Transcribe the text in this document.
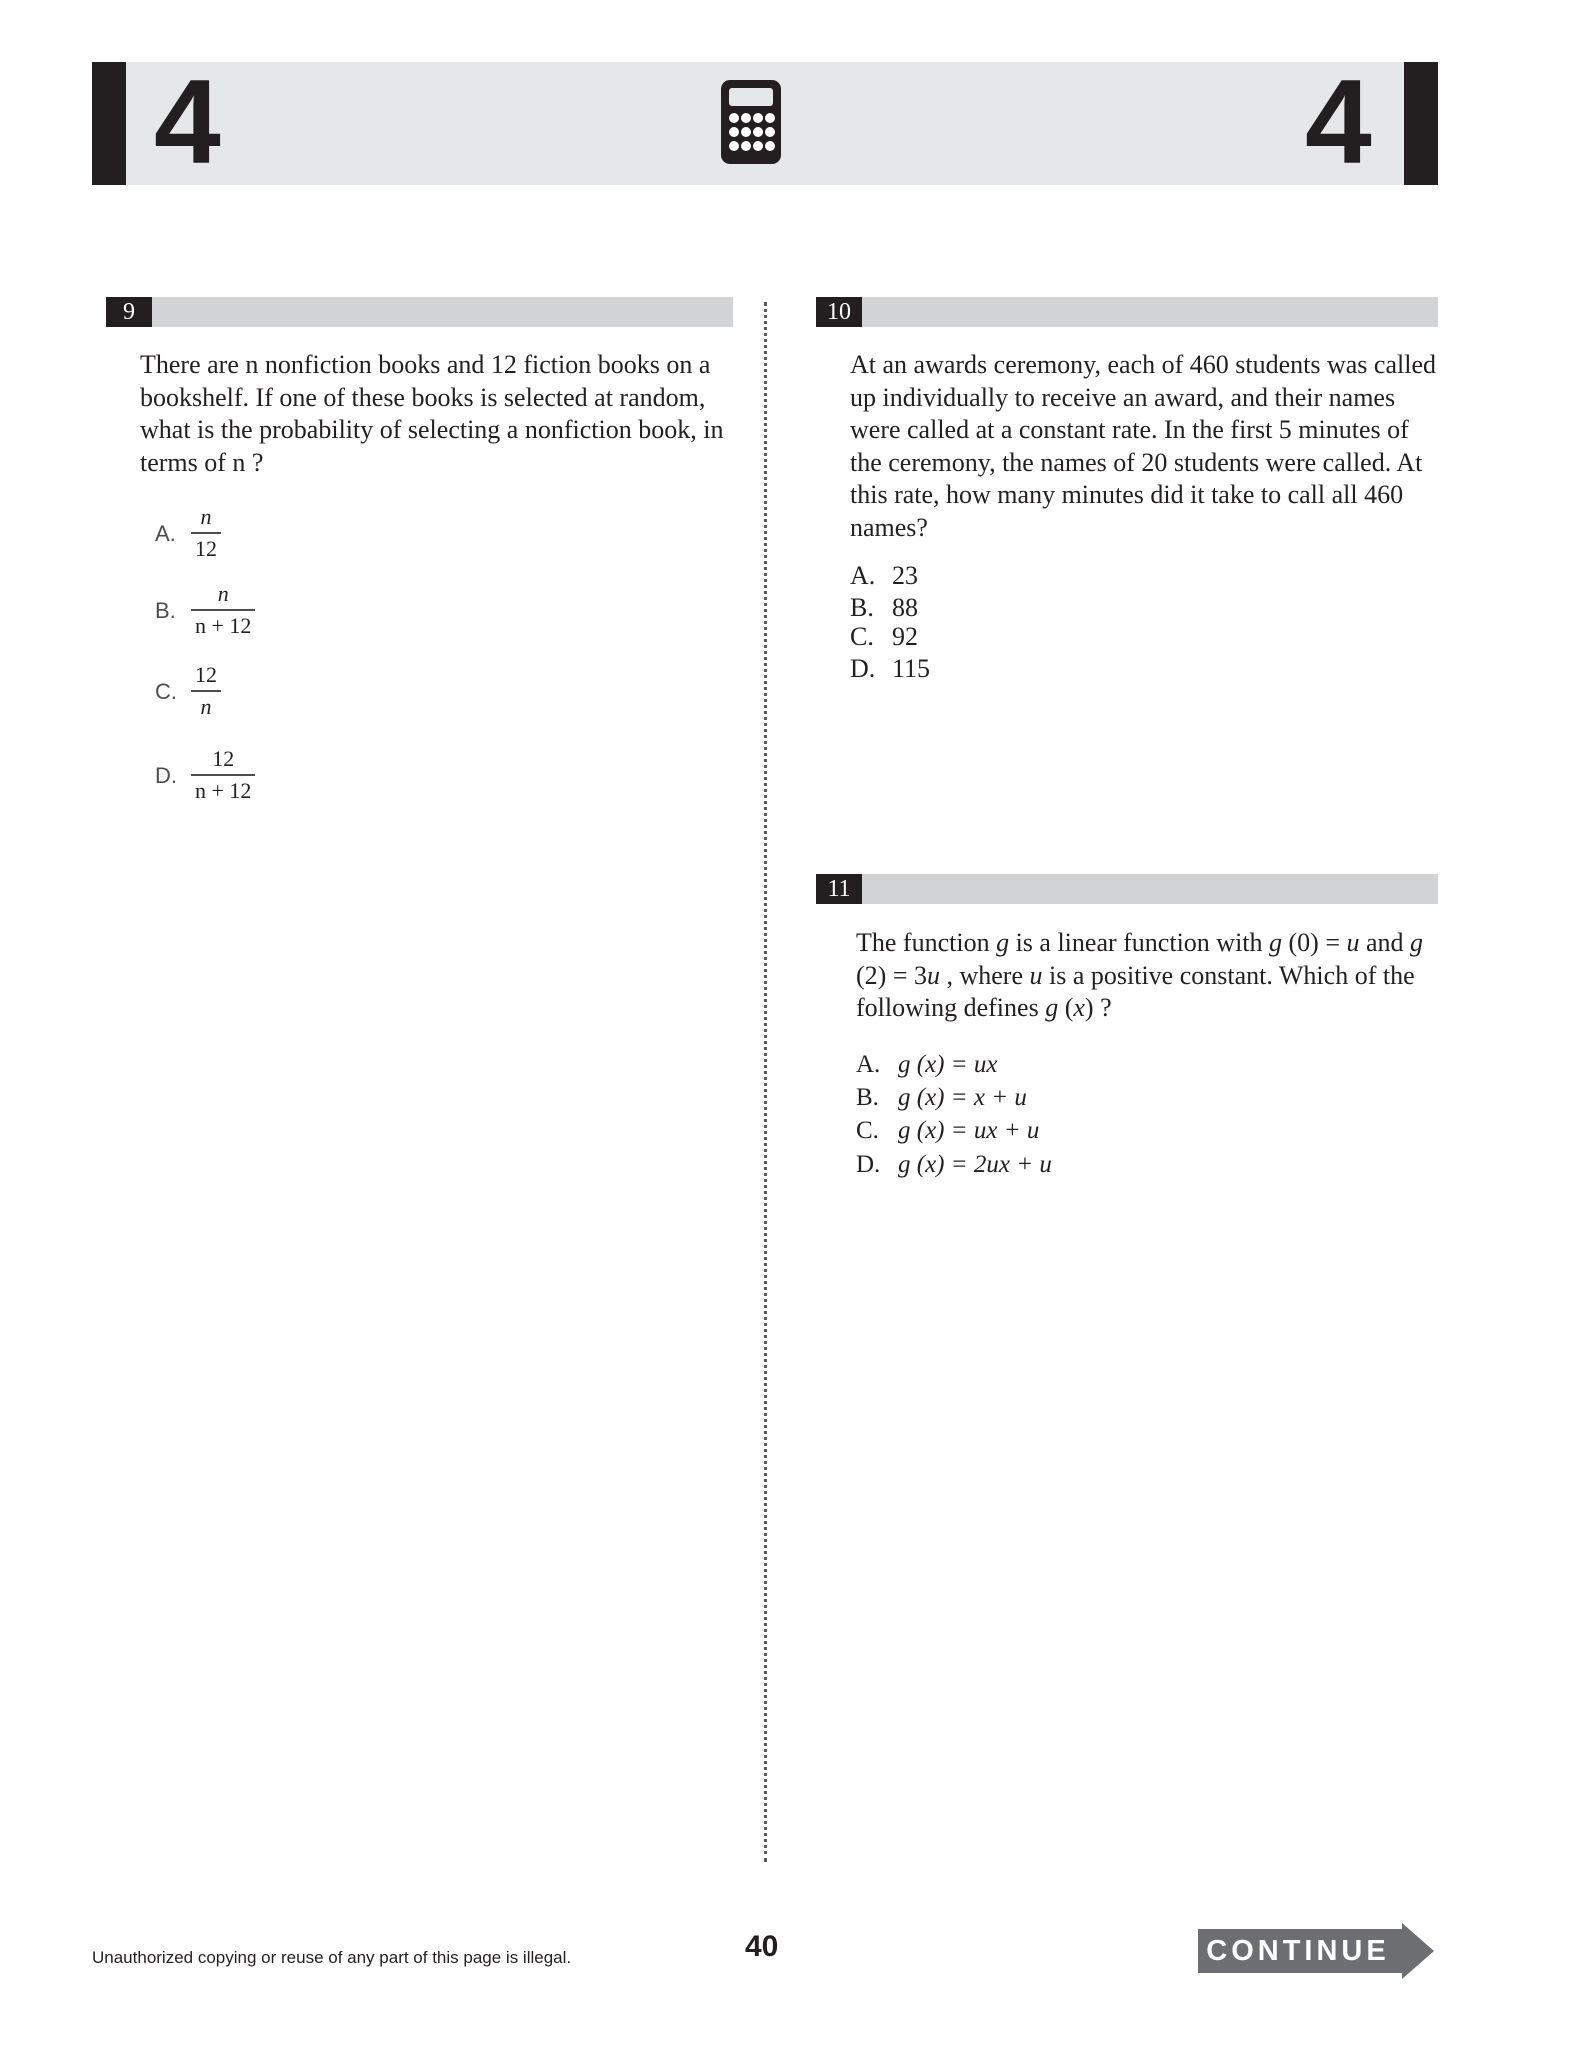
4	4
9
There are n nonfiction books and 12 fiction books on a bookshelf. If one of these books is selected at random, what is the probability of selecting a nonfiction book, in terms of n ?
A.
n
12
B.
n
n + 12
C.
12
n
D.
12
n + 12
10
At an awards ceremony, each of 460 students was called up individually to receive an award, and their names were called at a constant rate. In the first 5 minutes of the ceremony, the names of 20 students were called. At this rate, how many minutes did it take to call all 460 names?
A. 23
B. 88
C. 92
D. 115
11
The function g is a linear function with g (0) = u and g (2) = 3u , where u is a positive constant. Which of the following defines g (x) ?
A. g (x) = ux
B. g (x) = x + u
C. g (x) = ux + u
D. g (x) = 2ux + u
Unauthorized copying or reuse of any part of this page is illegal.	40	CONTINUE
